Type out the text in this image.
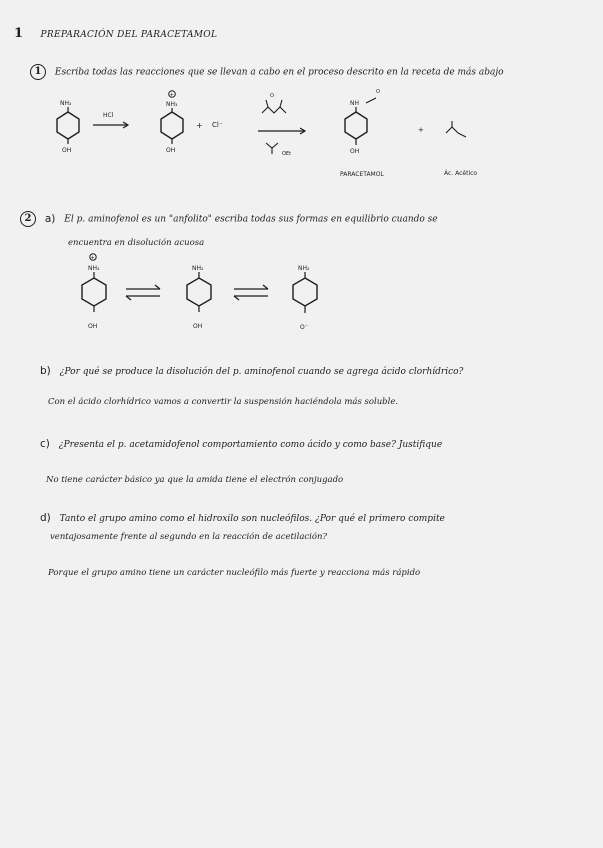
1 PREPARACIÓN DEL PARACETAMOL
1 Escriba todas las reacciones que se llevan a cabo en el proceso descrito en la receta de más abajo
NH₂
OH
HCl
+
NH₃
OH
+ Cl⁻
O
OEt
NH
O
OH
PARACETAMOL
+
Ác. Acético
2 a) El p. aminofenol es un "anfolito" escriba todas sus formas en equilibrio cuando se
encuentra en disolución acuosa
+
NH₃
OH
NH₂
OH
NH₂
O⁻
b) ¿Por qué se produce la disolución del p. aminofenol cuando se agrega ácido clorhídrico?
Con el ácido clorhídrico vamos a convertir la suspensión haciéndola más soluble.
c) ¿Presenta el p. acetamidofenol comportamiento como ácido y como base? Justifique
No tiene carácter básico ya que la amida tiene el electrón conjugado
d) Tanto el grupo amino como el hidroxilo son nucleófilos. ¿Por qué el primero compite
ventajosamente frente al segundo en la reacción de acetilación?
Porque el grupo amino tiene un carácter nucleófilo más fuerte y reacciona más rápido
